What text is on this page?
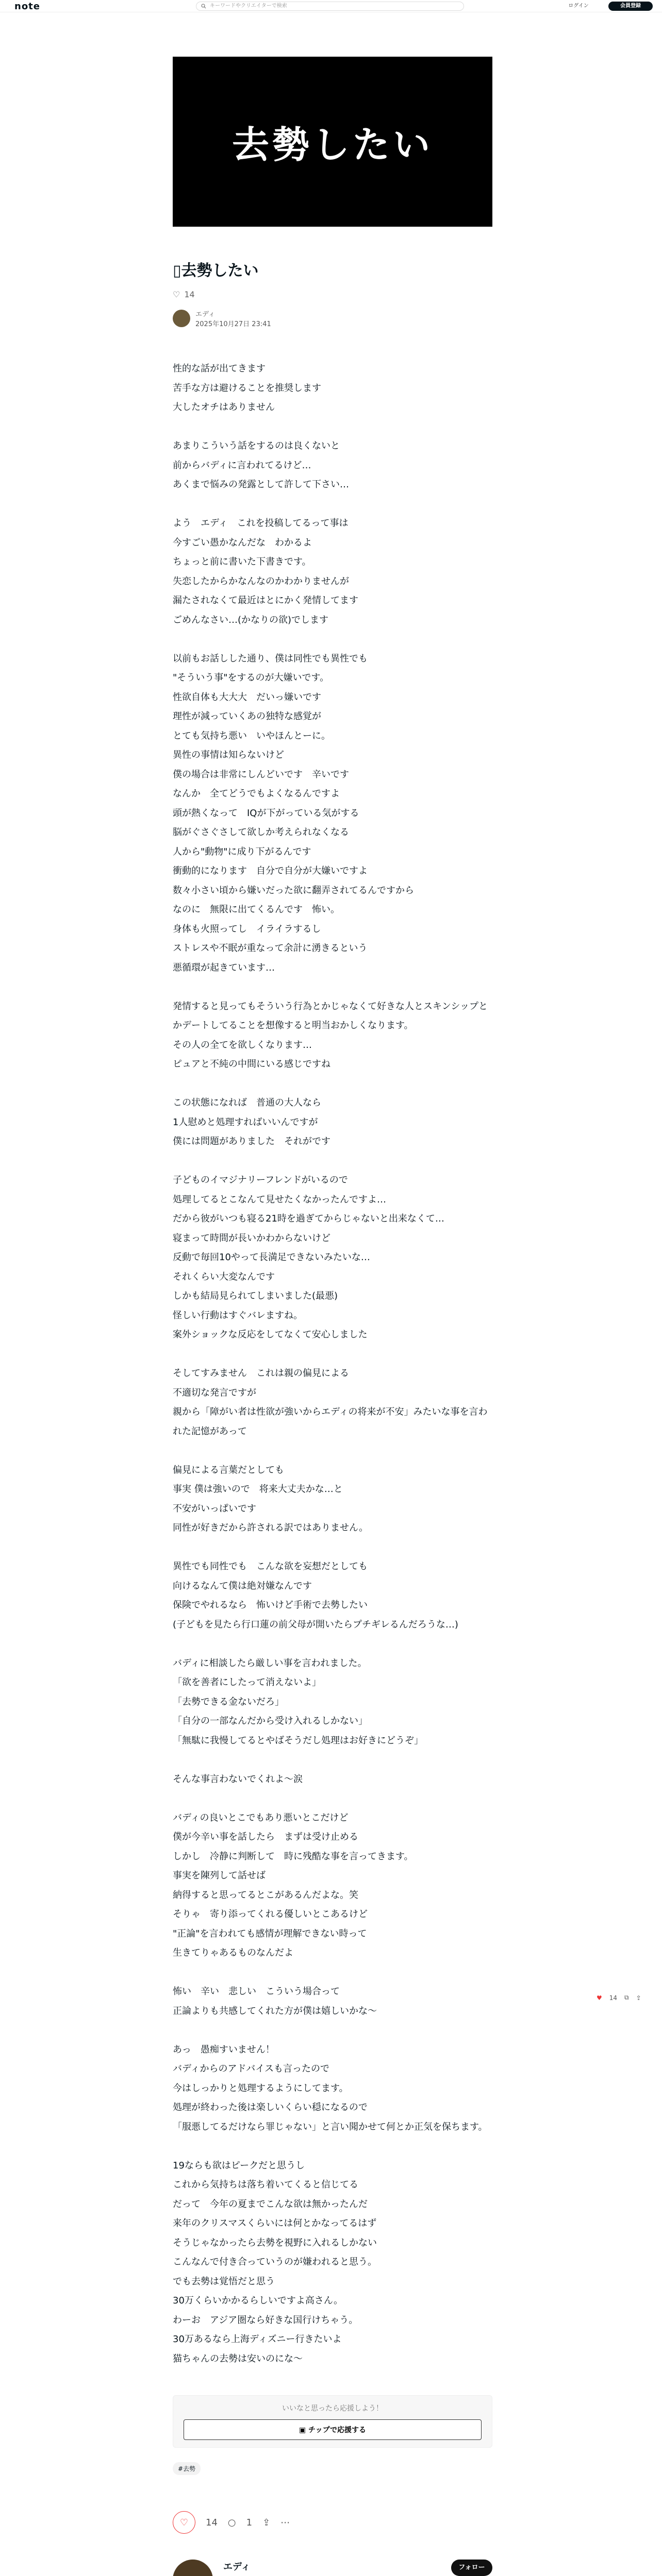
note	キーワードやクリエイターで検索	ログイン	会員登録
去勢したい
▯去勢したい
♡ 14
エディ
2025年10月27日 23:41

性的な話が出てきます
苦手な方は避けることを推奨します
大したオチはありません

あまりこういう話をするのは良くないと
前からバディに言われてるけど…
あくまで悩みの発露として許して下さい…

よう　エディ　これを投稿してるって事は
今すごい愚かなんだな　わかるよ
ちょっと前に書いた下書きです。
失恋したからかなんなのかわかりませんが
漏たされなくて最近はとにかく発情してます
ごめんなさい…(かなりの欲)でします

以前もお話しした通り、僕は同性でも異性でも
"そういう事"をするのが大嫌いです。
性欲自体も大大大　だいっ嫌いです
理性が減っていくあの独特な感覚が
とても気持ち悪い　いやほんとーに。
異性の事情は知らないけど
僕の場合は非常にしんどいです　辛いです
なんか　全てどうでもよくなるんですよ
頭が熱くなって　IQが下がっている気がする
脳がぐさぐさして欲しか考えられなくなる
人から"動物"に成り下がるんです
衝動的になります　自分で自分が大嫌いですよ
数々小さい頃から嫌いだった欲に翻弄されてるんですから
なのに　無限に出てくるんです　怖い。
身体も火照ってし　イライラするし
ストレスや不眠が重なって余計に湧きるという
悪循環が起きています…

発情すると見ってもそういう行為とかじゃなくて好きな人とスキンシップと
かデートしてることを想像すると明当おかしくなります。
その人の全てを欲しくなります…
ピュアと不純の中間にいる感じですね

この状態になれば　普通の大人なら
1人慰めと処理すればいいんですが
僕には問題がありました　それがです

子どものイマジナリーフレンドがいるので
処理してるとこなんて見せたくなかったんですよ…
だから彼がいつも寝る21時を過ぎてからじゃないと出来なくて…
寝まって時間が長いかわからないけど
反動で毎回10やって長満足できないみたいな…
それくらい大変なんです
しかも結局見られてしまいました(最悪)
怪しい行動はすぐバレますね。
案外ショックな反応をしてなくて安心しました

そしてすみません　これは親の偏見による
不適切な発言ですが
親から「障がい者は性欲が強いからエディの将来が不安」みたいな事を言わ
れた記憶があって

偏見による言葉だとしても
事実 僕は強いので　将来大丈夫かな…と
不安がいっぱいです
同性が好きだから許される訳ではありません。

異性でも同性でも　こんな欲を妄想だとしても
向けるなんて僕は絶対嫌なんです
保険でやれるなら　怖いけど手術で去勢したい
(子どもを見たら行口蓮の前父母が開いたらプチギレるんだろうな…)

バディに相談したら厳しい事を言われました。
「欲を善者にしたって消えないよ」
「去勢できる金ないだろ」
「自分の一部なんだから受け入れるしかない」
「無駄に我慢してるとやばそうだし処理はお好きにどうぞ」

そんな事言わないでくれよ〜涙

バディの良いとこでもあり悪いとこだけど
僕が今辛い事を話したら　まずは受け止める
しかし　冷静に判断して　時に残酷な事を言ってきます。
事実を陳列して話せば
納得すると思ってるとこがあるんだよな。笑
そりゃ　寄り添ってくれる優しいとこあるけど
"正論"を言われても感情が理解できない時って
生きてりゃあるものなんだよ

怖い　辛い　悲しい　こういう場合って
正論よりも共感してくれた方が僕は嬉しいかな〜

あっ　愚痴すいません！
バディからのアドバイスも言ったので
今はしっかりと処理するようにしてます。
処理が終わった後は楽しいくらい穏になるので
「服悪してるだけなら罪じゃない」と言い聞かせて何とか正気を保ちます。

19ならも欲はピークだと思うし
これから気持ちは落ち着いてくると信じてる
だって　今年の夏までこんな欲は無かったんだ
来年のクリスマスくらいには何とかなってるはず
そうじゃなかったら去勢を視野に入れるしかない
こんなんで付き合っていうのが嫌われると思う。
でも去勢は覚悟だと思う
30万くらいかかるらしいですよ高さん。
わーお　アジア圏なら好きな国行けちゃう。
30万あるなら上海ディズニー行きたいよ
猫ちゃんの去勢は安いのにな〜

いいなと思ったら応援しよう！
▣ チップで応援する
#去勢
♡	14 ○ 1 ⇪ ⋯
エディ	フォロー
♥ 14 ⧉ ⇪
